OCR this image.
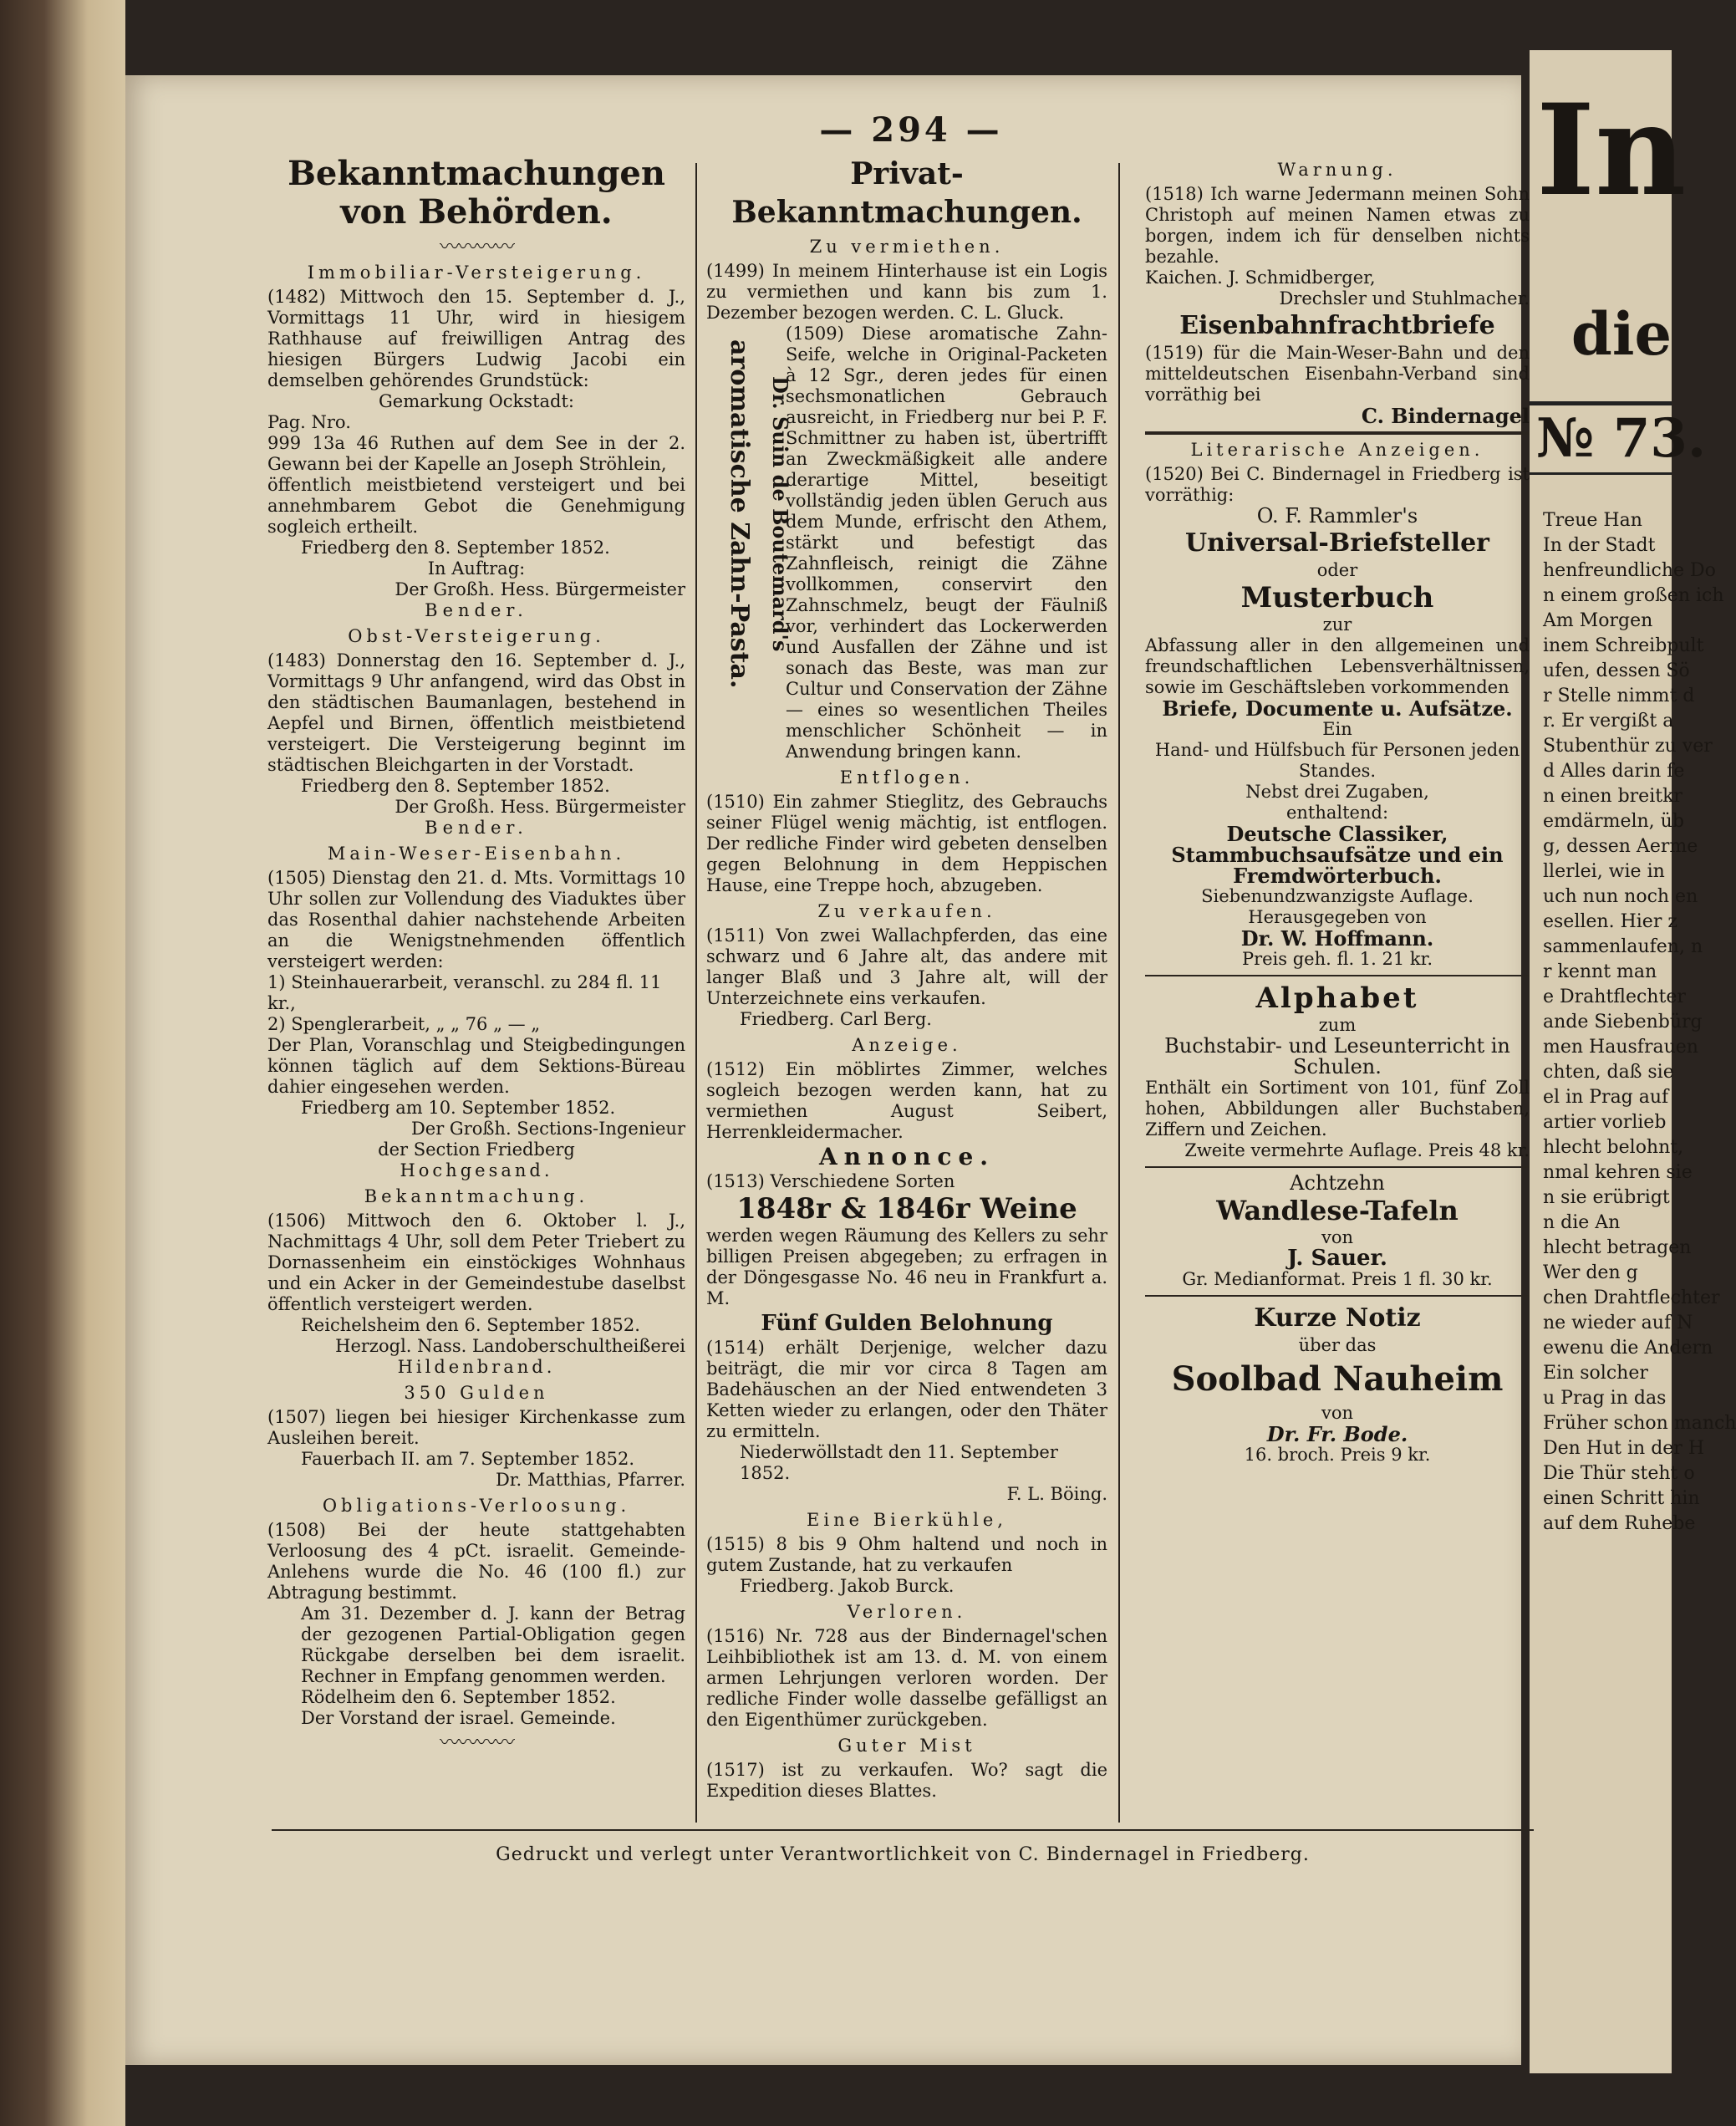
In
die
№ 73.
Treue Han
In der Stadt
henfreundliche Do
n einem großen ich
Am Morgen
inem Schreibpult
ufen, dessen Sö
r Stelle nimmt d
r. Er vergißt a
Stubenthür zu ver
d Alles darin fe
n einen breitkr
emdärmeln, üb
g, dessen Aerme
llerlei, wie in
uch nun noch en
esellen. Hier z
sammenlaufen, n
r kennt man
e Drahtflechter
ande Siebenbürg
men Hausfrauen
chten, daß sie
el in Prag auf
artier vorlieb
hlecht belohnt,
nmal kehren sie
n sie erübrigt
n die An
hlecht betragen
Wer den g
chen Drahtflechter
ne wieder auf N
ewenu die Andern
Ein solcher
u Prag in das
Früher schon manch
Den Hut in der H
Die Thür steht o
einen Schritt hin
auf dem Ruhebe
— 294 —
Bekanntmachungen von Behörden.
〰〰〰〰
Immobiliar-Versteigerung.

(1482) Mittwoch den 15. September d. J., Vormittags 11 Uhr, wird in hiesigem Rathhause auf freiwilligen Antrag des hiesigen Bürgers Ludwig Jacobi ein demselben gehörendes Grundstück:

Gemarkung Ockstadt:
Pag. Nro.

999 13a 46 Ruthen auf dem See in der 2. Gewann bei der Kapelle an Joseph Ströhlein,

öffentlich meistbietend versteigert und bei annehmbarem Gebot die Genehmigung sogleich ertheilt.

Friedberg den 8. September 1852.
In Auftrag:
Der Großh. Hess. Bürgermeister
Bender.
Obst-Versteigerung.

(1483) Donnerstag den 16. September d. J., Vormittags 9 Uhr anfangend, wird das Obst in den städtischen Baumanlagen, bestehend in Aepfel und Birnen, öffentlich meistbietend versteigert. Die Versteigerung beginnt im städtischen Bleichgarten in der Vorstadt.

Friedberg den 8. September 1852.
Der Großh. Hess. Bürgermeister
Bender.
Main-Weser-Eisenbahn.

(1505) Dienstag den 21. d. Mts. Vormittags 10 Uhr sollen zur Vollendung des Viaduktes über das Rosenthal dahier nachstehende Arbeiten an die Wenigstnehmenden öffentlich versteigert werden:

1) Steinhauerarbeit, veranschl. zu 284 fl. 11 kr.,
2) Spenglerarbeit, „ „ 76 „ — „

Der Plan, Voranschlag und Steigbedingungen können täglich auf dem Sektions-Büreau dahier eingesehen werden.

Friedberg am 10. September 1852.
Der Großh. Sections-Ingenieur
der Section Friedberg
Hochgesand.
Bekanntmachung.

(1506) Mittwoch den 6. Oktober l. J., Nachmittags 4 Uhr, soll dem Peter Triebert zu Dornassenheim ein einstöckiges Wohnhaus und ein Acker in der Gemeindestube daselbst öffentlich versteigert werden.

Reichelsheim den 6. September 1852.
Herzogl. Nass. Landoberschultheißerei
Hildenbrand.
350 Gulden

(1507) liegen bei hiesiger Kirchenkasse zum Ausleihen bereit.

Fauerbach II. am 7. September 1852.
Dr. Matthias, Pfarrer.
Obligations-Verloosung.

(1508) Bei der heute stattgehabten Verloosung des 4 pCt. israelit. Gemeinde-Anlehens wurde die No. 46 (100 fl.) zur Abtragung bestimmt.

Am 31. Dezember d. J. kann der Betrag der gezogenen Partial-Obligation gegen Rückgabe derselben bei dem israelit. Rechner in Empfang genommen werden.

Rödelheim den 6. September 1852.
Der Vorstand der israel. Gemeinde.
〰〰〰〰
Dr. Suin de Boutemard's
aromatische Zahn-Pasta.
Privat-Bekanntmachungen.
Zu vermiethen.

(1499) In meinem Hinterhause ist ein Logis zu vermiethen und kann bis zum 1. Dezember bezogen werden. C. L. Gluck.

(1509) Diese aromatische Zahn-Seife, welche in Original-Packeten à 12 Sgr., deren jedes für einen sechsmonatlichen Gebrauch ausreicht, in Friedberg nur bei P. F. Schmittner zu haben ist, übertrifft an Zweckmäßigkeit alle andere derartige Mittel, beseitigt vollständig jeden üblen Geruch aus dem Munde, erfrischt den Athem, stärkt und befestigt das Zahnfleisch, reinigt die Zähne vollkommen, conservirt den Zahnschmelz, beugt der Fäulniß vor, verhindert das Lockerwerden und Ausfallen der Zähne und ist sonach das Beste, was man zur Cultur und Conservation der Zähne — eines so wesentlichen Theiles menschlicher Schönheit — in Anwendung bringen kann.

Entflogen.

(1510) Ein zahmer Stieglitz, des Gebrauchs seiner Flügel wenig mächtig, ist entflogen. Der redliche Finder wird gebeten denselben gegen Belohnung in dem Heppischen Hause, eine Treppe hoch, abzugeben.

Zu verkaufen.

(1511) Von zwei Wallachpferden, das eine schwarz und 6 Jahre alt, das andere mit langer Blaß und 3 Jahre alt, will der Unterzeichnete eins verkaufen.

Friedberg. Carl Berg.
Anzeige.

(1512) Ein möblirtes Zimmer, welches sogleich bezogen werden kann, hat zu vermiethen August Seibert, Herrenkleidermacher.

Annonce.
(1513) Verschiedene Sorten
1848r & 1846r Weine

werden wegen Räumung des Kellers zu sehr billigen Preisen abgegeben; zu erfragen in der Döngesgasse No. 46 neu in Frankfurt a. M.

Fünf Gulden Belohnung

(1514) erhält Derjenige, welcher dazu beiträgt, die mir vor circa 8 Tagen am Badehäuschen an der Nied entwendeten 3 Ketten wieder zu erlangen, oder den Thäter zu ermitteln.

Niederwöllstadt den 11. September 1852.
F. L. Böing.
Eine Bierkühle,

(1515) 8 bis 9 Ohm haltend und noch in gutem Zustande, hat zu verkaufen

Friedberg. Jakob Burck.
Verloren.

(1516) Nr. 728 aus der Bindernagel'schen Leihbibliothek ist am 13. d. M. von einem armen Lehrjungen verloren worden. Der redliche Finder wolle dasselbe gefälligst an den Eigenthümer zurückgeben.

Guter Mist

(1517) ist zu verkaufen. Wo? sagt die Expedition dieses Blattes.

Warnung.

(1518) Ich warne Jedermann meinen Sohn Christoph auf meinen Namen etwas zu borgen, indem ich für denselben nichts bezahle.

Kaichen. J. Schmidberger,
Drechsler und Stuhlmacher.
Eisenbahnfrachtbriefe

(1519) für die Main-Weser-Bahn und den mitteldeutschen Eisenbahn-Verband sind vorräthig bei

C. Bindernagel
Literarische Anzeigen.

(1520) Bei C. Bindernagel in Friedberg ist vorräthig:

O. F. Rammler's
Universal-Briefsteller
oder
Musterbuch
zur

Abfassung aller in den allgemeinen und freundschaftlichen Lebensverhältnissen, sowie im Geschäftsleben vorkommenden

Briefe, Documente u. Aufsätze.
Ein
Hand- und Hülfsbuch für Personen jeden Standes.
Nebst drei Zugaben,
enthaltend:
Deutsche Classiker, Stammbuchsaufsätze und ein Fremdwörterbuch.
Siebenundzwanzigste Auflage.
Herausgegeben von
Dr. W. Hoffmann.
Preis geh. fl. 1. 21 kr.
Alphabet
zum
Buchstabir- und Leseunterricht in Schulen.

Enthält ein Sortiment von 101, fünf Zoll hohen, Abbildungen aller Buchstaben, Ziffern und Zeichen.

Zweite vermehrte Auflage. Preis 48 kr.
Achtzehn
Wandlese-Tafeln
von
J. Sauer.
Gr. Medianformat. Preis 1 fl. 30 kr.
Kurze Notiz
über das
Soolbad Nauheim
von
Dr. Fr. Bode.
16. broch. Preis 9 kr.
Gedruckt und verlegt unter Verantwortlichkeit von C. Bindernagel in Friedberg.
